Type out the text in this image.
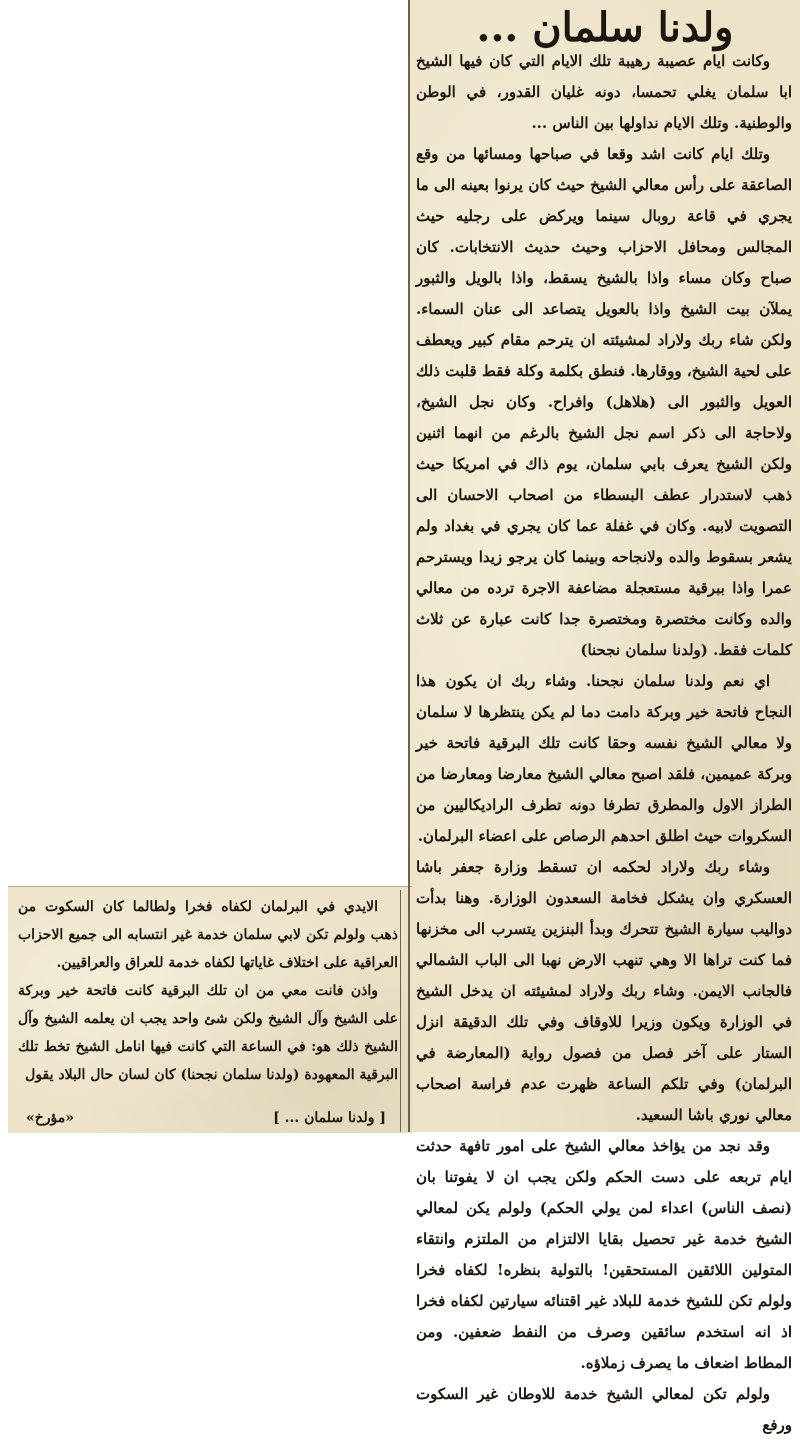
ولدنا سلمان ...

وكانت ايام عصيبة رهيبة تلك الايام التي كان فيها الشيخ ابا سلمان يغلي تحمسا، دونه غليان القدور، في الوطن والوطنية. وتلك الايام نداولها بين الناس ...

وتلك ايام كانت اشد وقعا في صباحها ومسائها من وقع الصاعقة على رأس معالي الشيخ حيث كان يرنوا بعينه الى ما يجري في قاعة روبال سينما ويركض على رجليه حيث المجالس ومحافل الاحزاب وحيث حديث الانتخابات. كان صباح وكان مساء واذا بالشيخ يسقط، واذا بالويل والثبور يملآن بيت الشيخ واذا بالعويل يتصاعد الى عنان السماء. ولكن شاء ربك ولاراد لمشيئته ان يترحم مقام كبير ويعطف على لحية الشيخ، ووقارها. فنطق بكلمة وكلة فقط قلبت ذلك العويل والثبور الى (هلاهل) وافراح. وكان نجل الشيخ، ولاحاجة الى ذكر اسم نجل الشيخ بالرغم من انهما اثنين ولكن الشيخ يعرف بابي سلمان، يوم ذاك في امريكا حيث ذهب لاستدرار عطف البسطاء من اصحاب الاحسان الى التصويت لابيه. وكان في غفلة عما كان يجري في بغداد ولم يشعر بسقوط والده ولانجاحه وبينما كان يرجو زيدا ويسترحم عمرا واذا ببرقية مستعجلة مضاعفة الاجرة ترده من معالي والده وكانت مختصرة ومختصرة جدا كانت عبارة عن ثلاث كلمات فقط. (ولدنا سلمان نجحنا)

اي نعم ولدنا سلمان نجحنا. وشاء ربك ان يكون هذا النجاح فاتحة خير وبركة دامت دما لم يكن ينتظرها لا سلمان ولا معالي الشيخ نفسه وحقا كانت تلك البرقية فاتحة خير وبركة عميمين، فلقد اصبح معالي الشيخ معارضا ومعارضا من الطراز الاول والمطرق تطرفا دونه تطرف الراديكاليين من السكروات حيث اطلق احدهم الرصاص على اعضاء البرلمان.

وشاء ربك ولاراد لحكمه ان تسقط وزارة جعفر باشا العسكري وان يشكل فخامة السعدون الوزارة. وهنا بدأت دواليب سيارة الشيخ تتحرك وبدأ البنزين يتسرب الى مخزنها فما كنت تراها الا وهي تنهب الارض نهبا الى الباب الشمالي فالجانب الايمن. وشاء ربك ولاراد لمشيئته ان يدخل الشيخ في الوزارة ويكون وزيرا للاوقاف وفي تلك الدقيقة انزل الستار على آخر فصل من فصول رواية (المعارضة في البرلمان) وفي تلكم الساعة ظهرت عدم فراسة اصحاب معالي نوري باشا السعيد.

وقد نجد من يؤاخذ معالي الشيخ على امور تافهة حدثت ايام تربعه على دست الحكم ولكن يجب ان لا يفوتنا بان (نصف الناس) اعداء لمن يولي الحكم) ولولم يكن لمعالي الشيخ خدمة غير تحصيل بقايا الالتزام من الملتزم وانتقاء المتولين اللائقين المستحقين! بالتولية بنظره! لكفاه فخرا ولولم تكن للشيخ خدمة للبلاد غير اقتنائه سيارتين لكفاه فخرا اذ انه استخدم سائقين وصرف من النفط ضعفين. ومن المطاط اضعاف ما يصرف زملاؤه.

ولولم تكن لمعالي الشيخ خدمة للاوطان غير السكوت ورفع

الايدي في البرلمان لكفاه فخرا ولطالما كان السكوت من ذهب ولولم تكن لابي سلمان خدمة غير انتسابه الى جميع الاحزاب العراقية على اختلاف غاياتها لكفاه خدمة للعراق والعراقيين.

واذن فانت معي من ان تلك البرقية كانت فاتحة خير وبركة على الشيخ وآل الشيخ ولكن شئ واحد يجب ان يعلمه الشيخ وآل الشيخ ذلك هو: في الساعة التي كانت فيها انامل الشيخ تخط تلك البرقية المعهودة (ولدنا سلمان نجحنا) كان لسان حال البلاد يقول

[ ولدنا سلمان ... ]
«مؤرخ»
